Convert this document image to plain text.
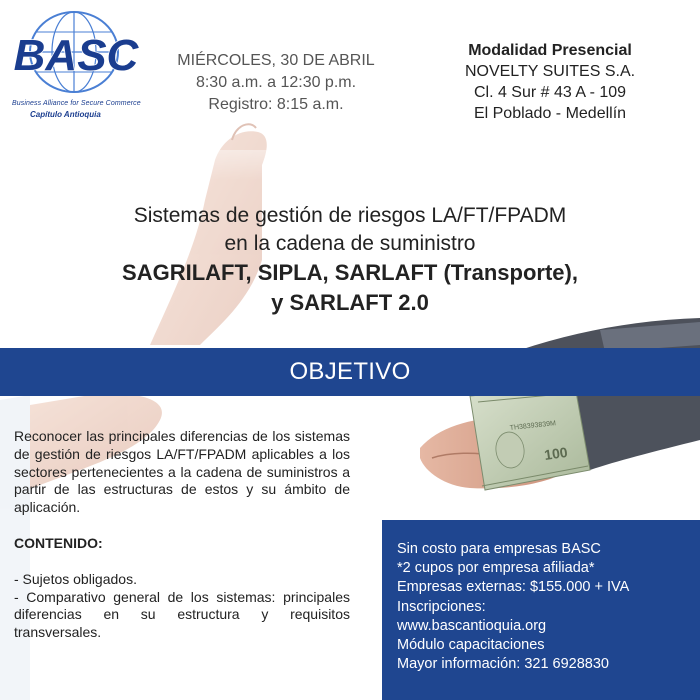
TH38393839M
100
BASC
Business Alliance for Secure Commerce
Capítulo Antioquia
MIÉRCOLES, 30 DE ABRIL
8:30 a.m. a 12:30 p.m.
Registro: 8:15 a.m.
Modalidad Presencial
NOVELTY SUITES S.A.
Cl. 4 Sur # 43 A - 109
El Poblado - Medellín
Sistemas de gestión de riesgos LA/FT/FPADM
en la cadena de suministro
SAGRILAFT, SIPLA, SARLAFT (Transporte),
y SARLAFT 2.0
OBJETIVO

Reconocer las principales diferencias de los sistemas de gestión de riesgos LA/FT/FPADM aplicables a los sectores pertenecientes a la cadena de suministros a partir de las estructuras de estos y su ámbito de aplicación.

CONTENIDO:

- Sujetos obligados.

- Comparativo general de los sistemas: principales diferencias en su estructura y requisitos transversales.

Sin costo para empresas BASC
*2 cupos por empresa afiliada*
Empresas externas: $155.000 + IVA
Inscripciones:
www.bascantioquia.org
Módulo capacitaciones
Mayor información: 321 6928830
